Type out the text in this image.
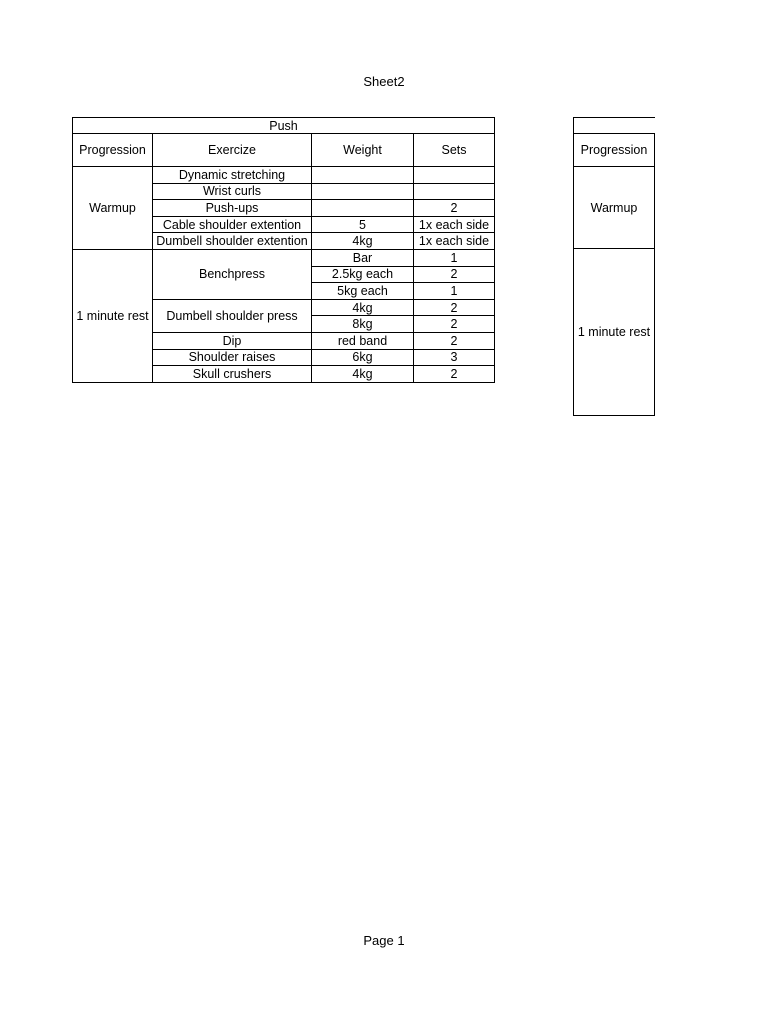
Sheet2
Push			
Progression	Exercize	Weight	Sets
Warmup	Dynamic stretching		
	Wrist curls		
	Push-ups		2
	Cable shoulder extention	5	1x each side
	Dumbell shoulder extention	4kg	1x each side
1 minute rest	Benchpress	Bar	1
		2.5kg each	2
		5kg each	1
	Dumbell shoulder press	4kg	2
		8kg	2
	Dip	red band	2
	Shoulder raises	6kg	3
	Skull crushers	4kg	2

Progression
Warmup
1 minute rest
Page 1
